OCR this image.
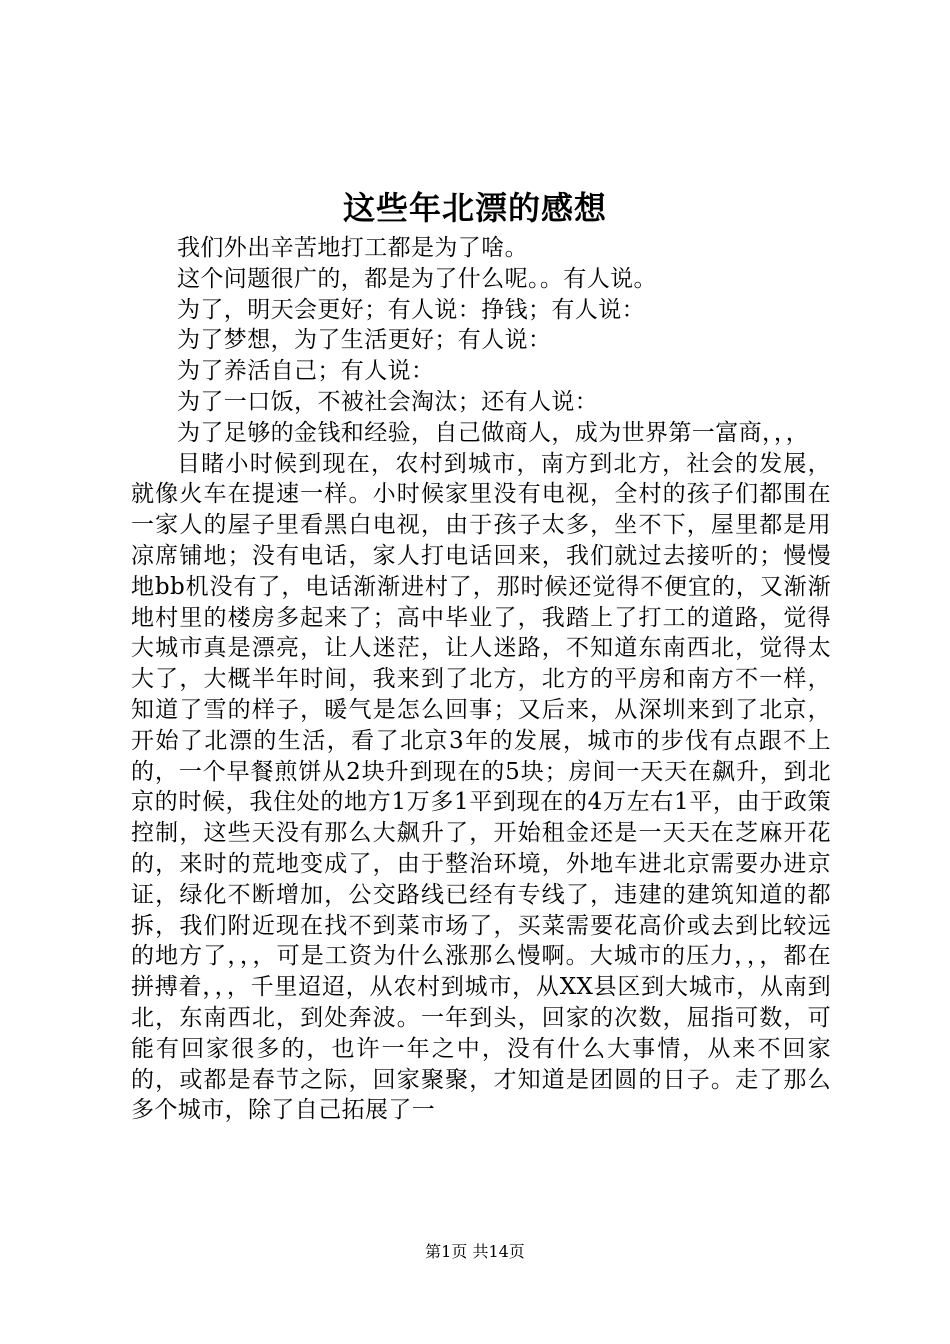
这些年北漂的感想

我们外出辛苦地打工都是为了啥。

这个问题很广的，都是为了什么呢。。有人说。

为了，明天会更好；有人说：挣钱；有人说：

为了梦想，为了生活更好；有人说：

为了养活自己；有人说：

为了一口饭，不被社会淘汰；还有人说：

为了足够的金钱和经验，自己做商人，成为世界第一富商，，，

目睹小时候到现在，农村到城市，南方到北方，社会的发展，就像火车在提速一样。小时候家里没有电视，全村的孩子们都围在一家人的屋子里看黑白电视，由于孩子太多，坐不下，屋里都是用凉席铺地；没有电话，家人打电话回来，我们就过去接听的；慢慢地bb机没有了，电话渐渐进村了，那时候还觉得不便宜的，又渐渐地村里的楼房多起来了；高中毕业了，我踏上了打工的道路，觉得大城市真是漂亮，让人迷茫，让人迷路，不知道东南西北，觉得太大了，大概半年时间，我来到了北方，北方的平房和南方不一样，知道了雪的样子，暖气是怎么回事；又后来，从深圳来到了北京，开始了北漂的生活，看了北京3年的发展，城市的步伐有点跟不上的，一个早餐煎饼从2块升到现在的5块；房间一天天在飙升，到北京的时候，我住处的地方1万多1平到现在的4万左右1平，由于政策控制，这些天没有那么大飙升了，开始租金还是一天天在芝麻开花的，来时的荒地变成了，由于整治环境，外地车进北京需要办进京证，绿化不断增加，公交路线已经有专线了，违建的建筑知道的都拆，我们附近现在找不到菜市场了，买菜需要花高价或去到比较远的地方了，，，可是工资为什么涨那么慢啊。大城市的压力，，，都在拼搏着，，，千里迢迢，从农村到城市，从XX县区到大城市，从南到北，东南西北，到处奔波。一年到头，回家的次数，屈指可数，可能有回家很多的，也许一年之中，没有什么大事情，从来不回家的，或都是春节之际，回家聚聚，才知道是团圆的日子。走了那么多个城市，除了自己拓展了一

第1页 共14页
